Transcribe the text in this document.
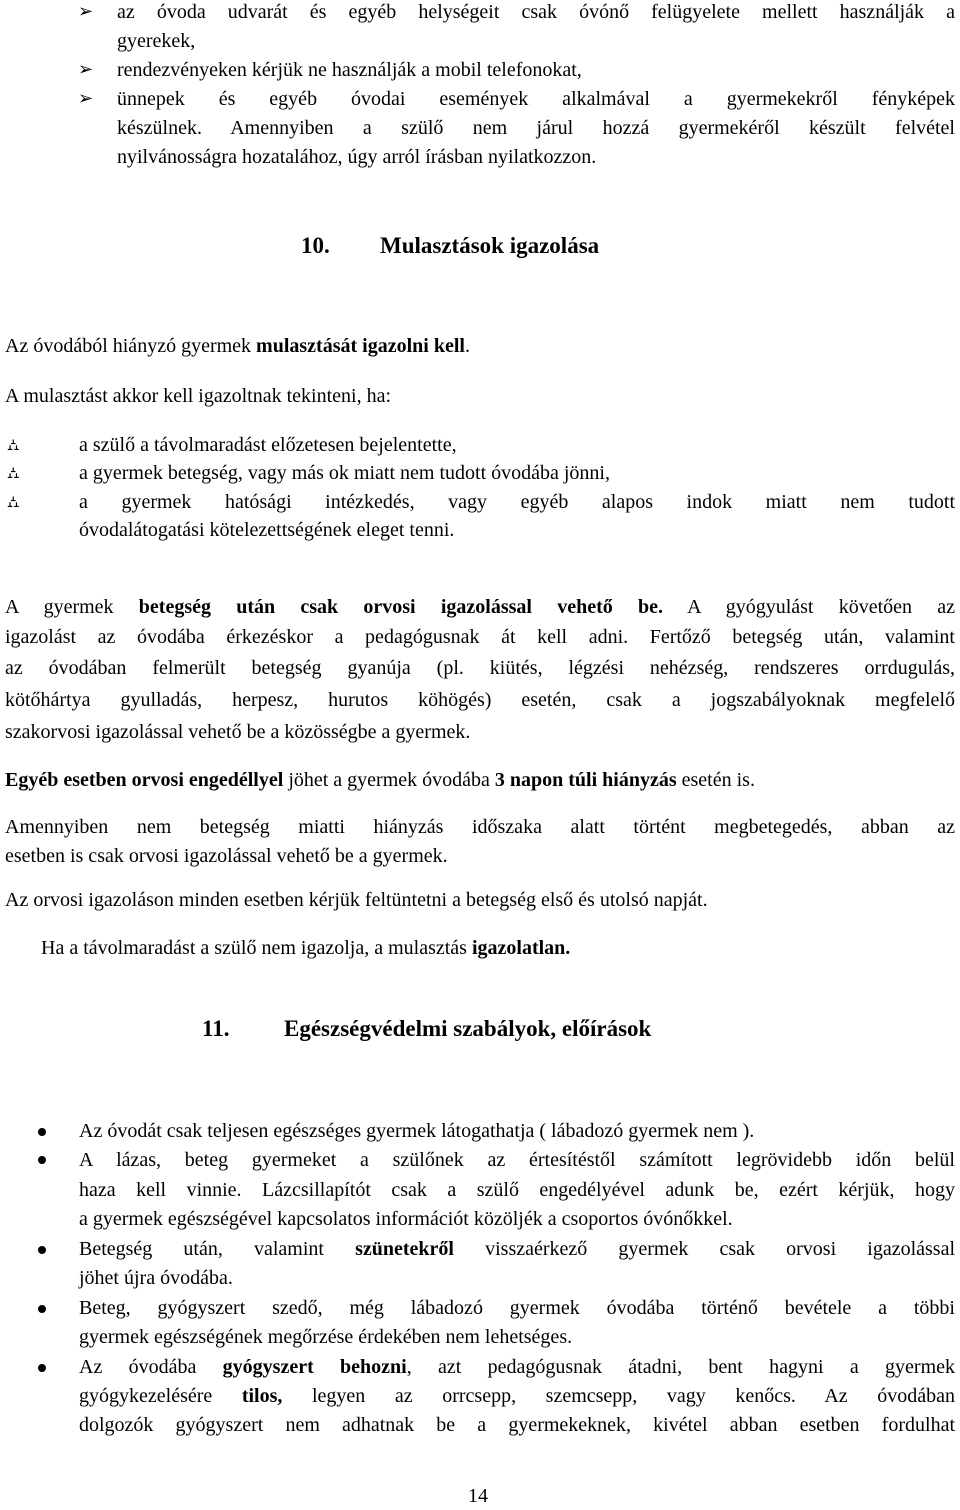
➢ az óvoda udvarát és egyéb helységeit csak óvónő felügyelete mellett használják a

gyerekek,

➢ rendezvényeken kérjük ne használják a mobil telefonokat,

➢ ünnepek és egyéb óvodai események alkalmával a gyermekekről fényképek

készülnek. Amennyiben a szülő nem járul hozzá gyermekéről készült felvétel

nyilvánosságra hozatalához, úgy arról írásban nyilatkozzon.

10. Mulasztások igazolása

Az óvodából hiányzó gyermek mulasztását igazolni kell.

A mulasztást akkor kell igazoltnak tekinteni, ha:

⛼	a szülő a távolmaradást előzetesen bejelentette,

⛼	a gyermek betegség, vagy más ok miatt nem tudott óvodába jönni,

⛼	a gyermek hatósági intézkedés, vagy egyéb alapos indok miatt nem tudott

óvodalátogatási kötelezettségének eleget tenni.

A gyermek betegség után csak orvosi igazolással vehető be. A gyógyulást követően az

igazolást az óvodába érkezéskor a pedagógusnak át kell adni. Fertőző betegség után, valamint

az óvodában felmerült betegség gyanúja (pl. kiütés, légzési nehézség, rendszeres orrdugulás,

kötőhártya gyulladás, herpesz, hurutos köhögés) esetén, csak a jogszabályoknak megfelelő

szakorvosi igazolással vehető be a közösségbe a gyermek.

Egyéb esetben orvosi engedéllyel jöhet a gyermek óvodába 3 napon túli hiányzás esetén is.

Amennyiben nem betegség miatti hiányzás időszaka alatt történt megbetegedés, abban az

esetben is csak orvosi igazolással vehető be a gyermek.

Az orvosi igazoláson minden esetben kérjük feltüntetni a betegség első és utolsó napját.

Ha a távolmaradást a szülő nem igazolja, a mulasztás igazolatlan.

11. Egészségvédelmi szabályok, előírások

Az óvodát csak teljesen egészséges gyermek látogathatja ( lábadozó gyermek nem ).

A lázas, beteg gyermeket a szülőnek az értesítéstől számított legrövidebb időn belül

haza kell vinnie. Lázcsillapítót csak a szülő engedélyével adunk be, ezért kérjük, hogy

a gyermek egészségével kapcsolatos információt közöljék a csoportos óvónőkkel.

Betegség után, valamint szünetekről visszaérkező gyermek csak orvosi igazolással

jöhet újra óvodába.

Beteg, gyógyszert szedő, még lábadozó gyermek óvodába történő bevétele a többi

gyermek egészségének megőrzése érdekében nem lehetséges.

Az óvodába gyógyszert behozni, azt pedagógusnak átadni, bent hagyni a gyermek

gyógykezelésére tilos, legyen az orrcsepp, szemcsepp, vagy kenőcs. Az óvodában

dolgozók gyógyszert nem adhatnak be a gyermekeknek, kivétel abban esetben fordulhat

14
